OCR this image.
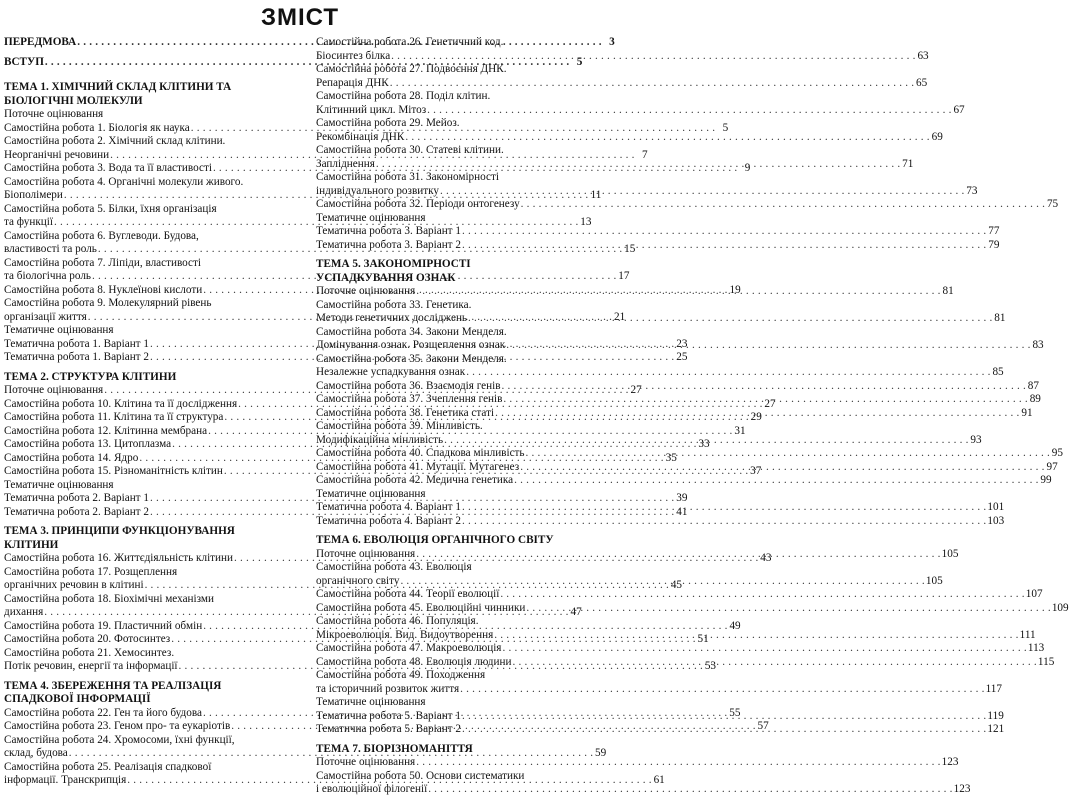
ЗМІСТ
ПЕРЕДМОВА . . .	3
ВСТУП . . .	5
ТЕМА 1. ХІМІЧНИЙ СКЛАД КЛІТИНИ ТА
БІОЛОГІЧНІ МОЛЕКУЛИ
Поточне оцінювання
Самостійна робота 1. Біологія як наука . . .	5
Самостійна робота 2. Хімічний склад клітини.
Неорганічні речовини . . .	7
Самостійна робота 3. Вода та її властивості . . .	9
Самостійна робота 4. Органічні молекули живого.
Біополімери . . .	11
Самостійна робота 5. Білки, їхня організація
та функції . . .	13
Самостійна робота 6. Вуглеводи. Будова,
властивості та роль . . .	15
Самостійна робота 7. Ліпіди, властивості
та біологічна роль . . .	17
Самостійна робота 8. Нуклеїнові кислоти . . .	19
Самостійна робота 9. Молекулярний рівень
організації життя . . .	21
Тематичне оцінювання
Тематична робота 1. Варіант 1 . . .	23
Тематична робота 1. Варіант 2 . . .	25
ТЕМА 2. СТРУКТУРА КЛІТИНИ
Поточне оцінювання . . .	27
Самостійна робота 10. Клітина та її дослідження . . .	27
Самостійна робота 11. Клітина та її структура . . .	29
Самостійна робота 12. Клітинна мембрана . . .	31
Самостійна робота 13. Цитоплазма . . .	33
Самостійна робота 14. Ядро . . .	35
Самостійна робота 15. Різноманітність клітин . . .	37
Тематичне оцінювання
Тематична робота 2. Варіант 1 . . .	39
Тематична робота 2. Варіант 2 . . .	41
ТЕМА 3. ПРИНЦИПИ ФУНКЦІОНУВАННЯ
КЛІТИНИ
Самостійна робота 16. Життєдіяльність клітини . . .	43
Самостійна робота 17. Розщеплення
органічних речовин в клітині . . .	45
Самостійна робота 18. Біохімічні механізми
дихання . . .	47
Самостійна робота 19. Пластичний обмін . . .	49
Самостійна робота 20. Фотосинтез . . .	51
Самостійна робота 21. Хемосинтез.
Потік речовин, енергії та інформації . . .	53
ТЕМА 4. ЗБЕРЕЖЕННЯ ТА РЕАЛІЗАЦІЯ
СПАДКОВОЇ ІНФОРМАЦІЇ
Самостійна робота 22. Ген та його будова . . .	55
Самостійна робота 23. Геном про- та еукаріотів . . .	57
Самостійна робота 24. Хромосоми, їхні функції,
склад, будова . . .	59
Самостійна робота 25. Реалізація спадкової
інформації. Транскрипція . . .	61
Самостійна робота 26. Генетичний код.
Біосинтез білка . . .	63
Самостійна робота 27. Подвоєння ДНК.
Репарація ДНК . . .	65
Самостійна робота 28. Поділ клітин.
Клітинний цикл. Мітоз . . .	67
Самостійна робота 29. Мейоз.
Рекомбінація ДНК . . .	69
Самостійна робота 30. Статеві клітини.
Запліднення . . .	71
Самостійна робота 31. Закономірності
індивідуального розвитку . . .	73
Самостійна робота 32. Періоди онтогенезу . . .	75
Тематичне оцінювання
Тематична робота 3. Варіант 1 . . .	77
Тематична робота 3. Варіант 2 . . .	79
ТЕМА 5. ЗАКОНОМІРНОСТІ
УСПАДКУВАННЯ ОЗНАК
Поточне оцінювання . . .	81
Самостійна робота 33. Генетика.
Методи генетичних досліджень . . .	81
Самостійна робота 34. Закони Менделя.
Домінування ознак. Розщеплення ознак . . .	83
Самостійна робота 35. Закони Менделя.
Незалежне успадкування ознак . . .	85
Самостійна робота 36. Взаємодія генів . . .	87
Самостійна робота 37. Зчеплення генів . . .	89
Самостійна робота 38. Генетика статі . . .	91
Самостійна робота 39. Мінливість.
Модифікаційна мінливість . . .	93
Самостійна робота 40. Спадкова мінливість . . .	95
Самостійна робота 41. Мутації. Мутагенез . . .	97
Самостійна робота 42. Медична генетика . . .	99
Тематичне оцінювання
Тематична робота 4. Варіант 1 . . .	101
Тематична робота 4. Варіант 2 . . .	103
ТЕМА 6. ЕВОЛЮЦІЯ ОРГАНІЧНОГО СВІТУ
Поточне оцінювання . . .	105
Самостійна робота 43. Еволюція
органічного світу . . .	105
Самостійна робота 44. Теорії еволюції . . .	107
Самостійна робота 45. Еволюційні чинники . . .	109
Самостійна робота 46. Популяція.
Мікроеволюція. Вид. Видоутворення . . .	111
Самостійна робота 47. Макроеволюція . . .	113
Самостійна робота 48. Еволюція людини . . .	115
Самостійна робота 49. Походження
та історичний розвиток життя . . .	117
Тематичне оцінювання
Тематична робота 5. Варіант 1 . . .	119
Тематична робота 5. Варіант 2 . . .	121
ТЕМА 7. БІОРІЗНОМАНІТТЯ
Поточне оцінювання . . .	123
Самостійна робота 50. Основи систематики
і еволюційної філогенії . . .	123
